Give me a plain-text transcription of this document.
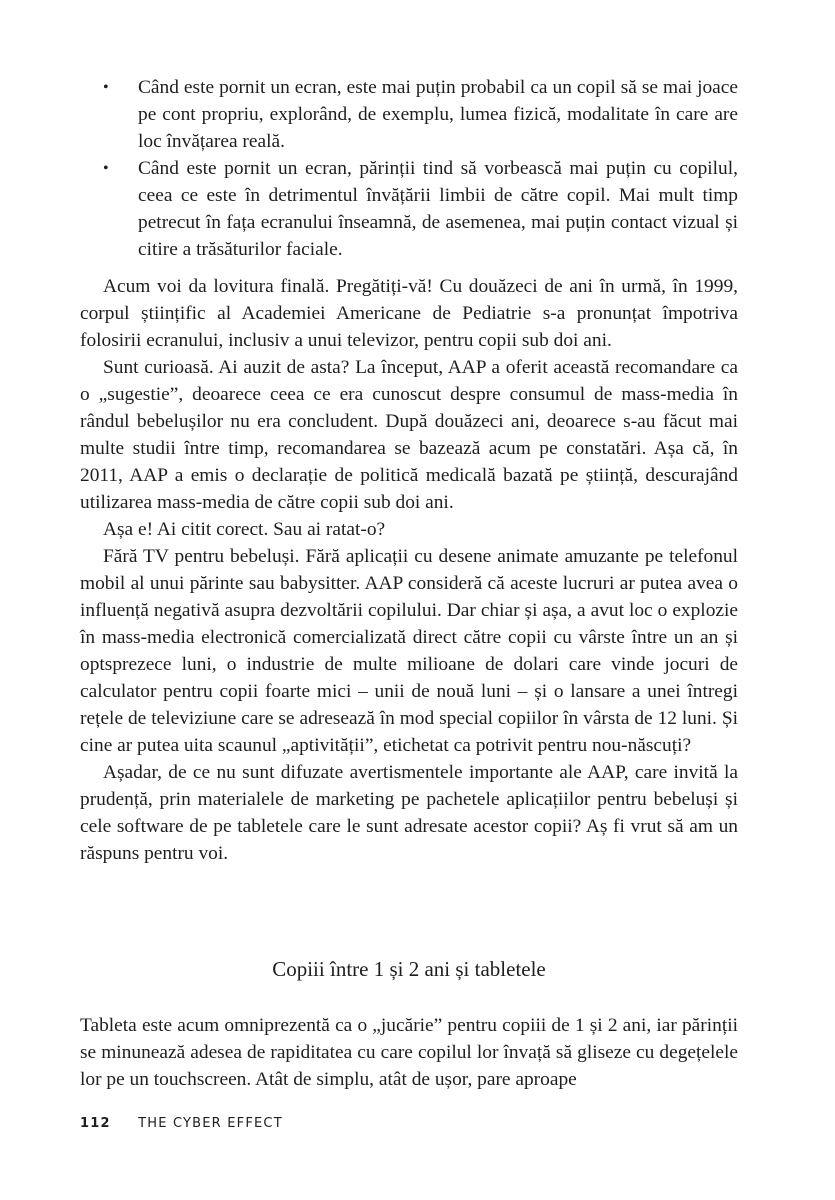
• Când este pornit un ecran, este mai puțin probabil ca un copil să se mai joace pe cont propriu, explorând, de exemplu, lumea fizică, modalitate în care are loc învățarea reală.
• Când este pornit un ecran, părinții tind să vorbească mai puțin cu copilul, ceea ce este în detrimentul învățării limbii de către copil. Mai mult timp petrecut în fața ecranului înseamnă, de asemenea, mai puțin contact vizual și citire a trăsăturilor faciale.

Acum voi da lovitura finală. Pregătiți-vă! Cu douăzeci de ani în urmă, în 1999, corpul științific al Academiei Americane de Pediatrie s-a pronunțat împotriva folosirii ecranului, inclusiv a unui televizor, pentru copii sub doi ani.

Sunt curioasă. Ai auzit de asta? La început, AAP a oferit această recomandare ca o „sugestie”, deoarece ceea ce era cunoscut despre consumul de mass-media în rândul bebelușilor nu era concludent. După douăzeci ani, deoarece s-au făcut mai multe studii între timp, recomandarea se bazează acum pe constatări. Așa că, în 2011, AAP a emis o declarație de politică medicală bazată pe știință, descurajând utilizarea mass-media de către copii sub doi ani.

Așa e! Ai citit corect. Sau ai ratat-o?

Fără TV pentru bebeluși. Fără aplicații cu desene animate amuzante pe telefonul mobil al unui părinte sau babysitter. AAP consideră că aceste lucruri ar putea avea o influență negativă asupra dezvoltării copilului. Dar chiar și așa, a avut loc o explozie în mass-media electronică comercializată direct către copii cu vârste între un an și optsprezece luni, o industrie de multe milioane de dolari care vinde jocuri de calculator pentru copii foarte mici – unii de nouă luni – și o lansare a unei întregi rețele de televiziune care se adresează în mod special copiilor în vârsta de 12 luni. Și cine ar putea uita scaunul „aptivității”, etichetat ca potrivit pentru nou-născuți?

Așadar, de ce nu sunt difuzate avertismentele importante ale AAP, care invită la prudență, prin materialele de marketing pe pachetele aplicațiilor pentru bebeluși și cele software de pe tabletele care le sunt adresate acestor copii? Aș fi vrut să am un răspuns pentru voi.

Copiii între 1 și 2 ani și tabletele

Tableta este acum omniprezentă ca o „jucărie” pentru copiii de 1 și 2 ani, iar părinții se minunează adesea de rapiditatea cu care copilul lor învață să gliseze cu degețelele lor pe un touchscreen. Atât de simplu, atât de ușor, pare aproape

112 THE CYBER EFFECT
